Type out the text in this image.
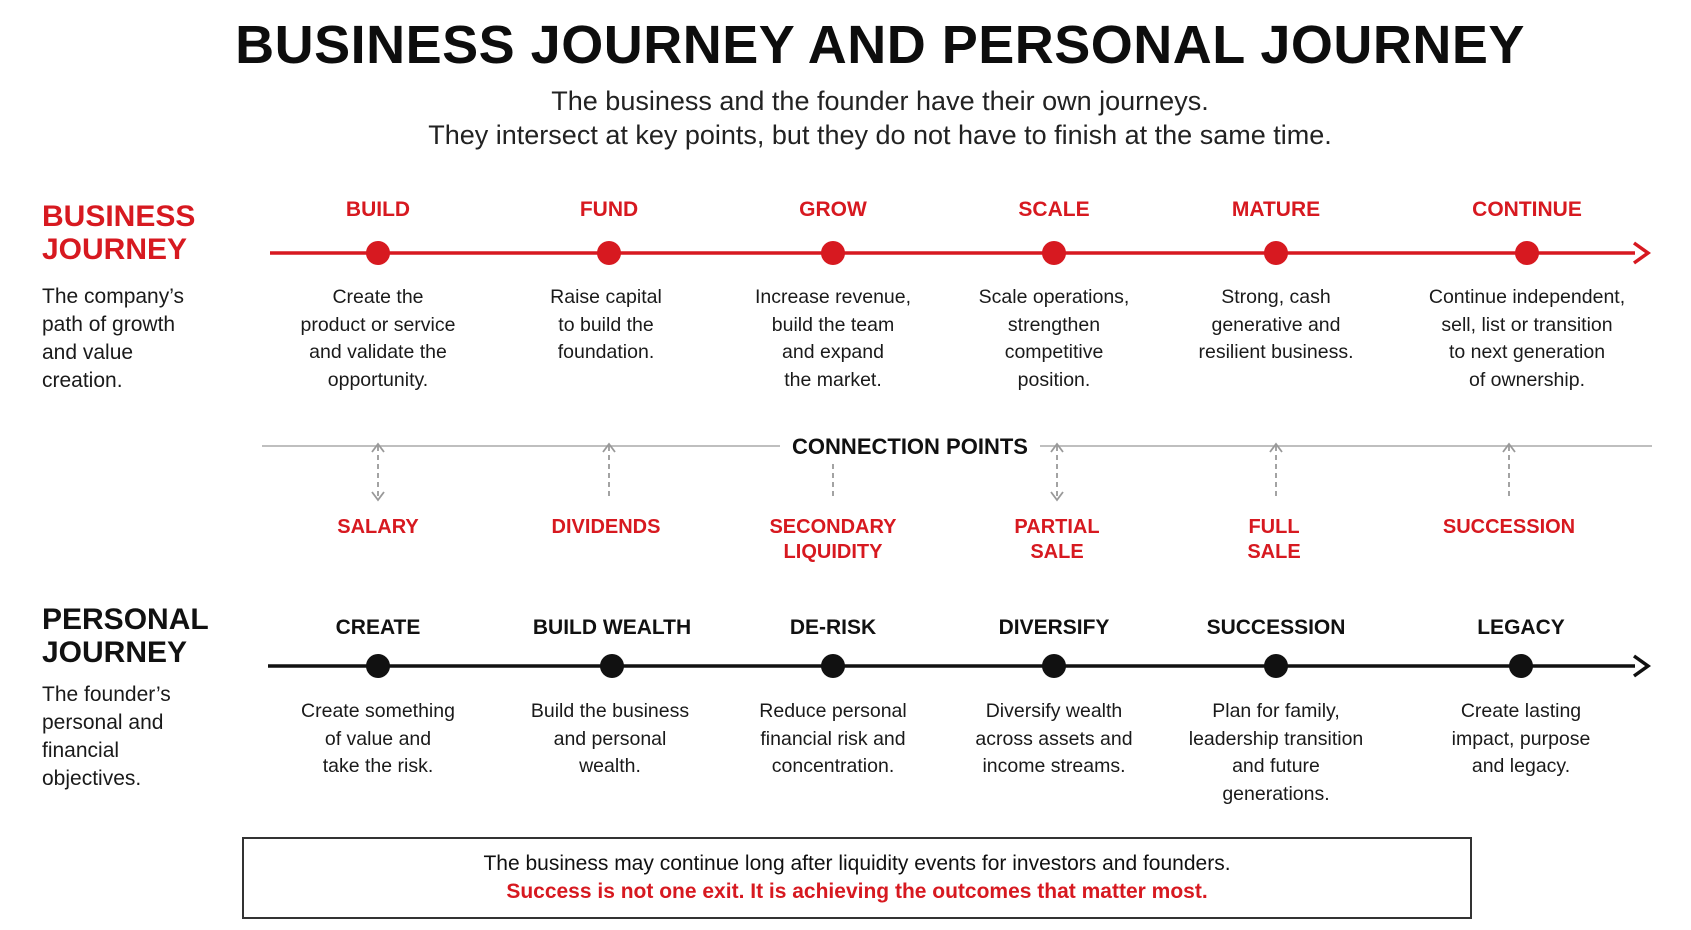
BUSINESS JOURNEY AND PERSONAL JOURNEY
The business and the founder have their own journeys.
They intersect at key points, but they do not have to finish at the same time.
BUSINESS
JOURNEY
The company’s
path of growth
and value
creation.
PERSONAL
JOURNEY
The founder’s
personal and
financial
objectives.
BUILD	FUND	GROW	SCALE	MATURE	CONTINUE
Create the
product or service
and validate the
opportunity.
Raise capital
to build the
foundation.
Increase revenue,
build the team
and expand
the market.
Scale operations,
strengthen
competitive
position.
Strong, cash
generative and
resilient business.
Continue independent,
sell, list or transition
to next generation
of ownership.
CONNECTION POINTS
SALARY	DIVIDENDS	SECONDARY
LIQUIDITY
PARTIAL
SALE
FULL
SALE
SUCCESSION
CREATE	BUILD WEALTH	DE-RISK	DIVERSIFY	SUCCESSION	LEGACY
Create something
of value and
take the risk.
Build the business
and personal
wealth.
Reduce personal
financial risk and
concentration.
Diversify wealth
across assets and
income streams.
Plan for family,
leadership transition
and future
generations.
Create lasting
impact, purpose
and legacy.
The business may continue long after liquidity events for investors and founders.
Success is not one exit. It is achieving the outcomes that matter most.
